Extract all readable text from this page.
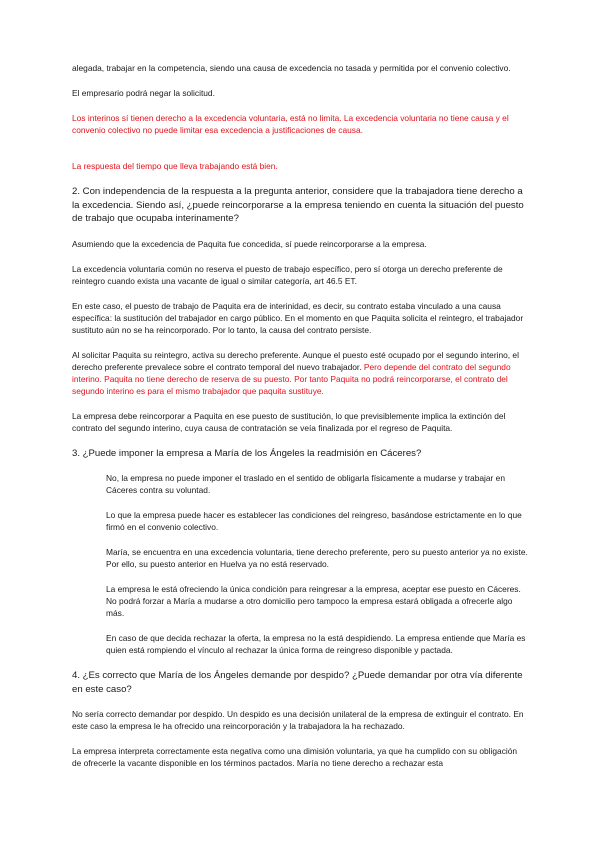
alegada, trabajar en la competencia, siendo una causa de excedencia no tasada y permitida por el convenio colectivo.

El empresario podrá negar la solicitud.

Los interinos sí tienen derecho a la excedencia voluntaria, está no limita. La excedencia voluntaria no tiene causa y el convenio colectivo no puede limitar esa excedencia a justificaciones de causa.

La respuesta del tiempo que lleva trabajando está bien.

2. Con independencia de la respuesta a la pregunta anterior, considere que la trabajadora tiene derecho a la excedencia. Siendo así, ¿puede reincorporarse a la empresa teniendo en cuenta la situación del puesto de trabajo que ocupaba interinamente?

Asumiendo que la excedencia de Paquita fue concedida, sí puede reincorporarse a la empresa.

La excedencia voluntaria común no reserva el puesto de trabajo específico, pero sí otorga un derecho preferente de reintegro cuando exista una vacante de igual o similar categoría, art 46.5 ET.

En este caso, el puesto de trabajo de Paquita era de interinidad, es decir, su contrato estaba vinculado a una causa específica: la sustitución del trabajador en cargo público. En el momento en que Paquita solicita el reintegro, el trabajador sustituto aún no se ha reincorporado. Por lo tanto, la causa del contrato persiste.

Al solicitar Paquita su reintegro, activa su derecho preferente. Aunque el puesto esté ocupado por el segundo interino, el derecho preferente prevalece sobre el contrato temporal del nuevo trabajador. Pero depende del contrato del segundo interino. Paquita no tiene derecho de reserva de su puesto. Por tanto Paquita no podrá reincorporarse, el contrato del segundo interino es para el mismo trabajador que paquita sustituye.

La empresa debe reincorporar a Paquita en ese puesto de sustitución, lo que previsiblemente implica la extinción del contrato del segundo interino, cuya causa de contratación se veía finalizada por el regreso de Paquita.

3. ¿Puede imponer la empresa a María de los Ángeles la readmisión en Cáceres?

No, la empresa no puede imponer el traslado en el sentido de obligarla físicamente a mudarse y trabajar en Cáceres contra su voluntad.

Lo que la empresa puede hacer es establecer las condiciones del reingreso, basándose estrictamente en lo que firmó en el convenio colectivo.

María, se encuentra en una excedencia voluntaria, tiene derecho preferente, pero su puesto anterior ya no existe. Por ello, su puesto anterior en Huelva ya no está reservado.

La empresa le está ofreciendo la única condición para reingresar a la empresa, aceptar ese puesto en Cáceres. No podrá forzar a María a mudarse a otro domicilio pero tampoco la empresa estará obligada a ofrecerle algo más.

En caso de que decida rechazar la oferta, la empresa no la está despidiendo. La empresa entiende que María es quien está rompiendo el vínculo al rechazar la única forma de reingreso disponible y pactada.

4. ¿Es correcto que María de los Ángeles demande por despido? ¿Puede demandar por otra vía diferente en este caso?

No sería correcto demandar por despido. Un despido es una decisión unilateral de la empresa de extinguir el contrato. En este caso la empresa le ha ofrecido una reincorporación y la trabajadora la ha rechazado.

La empresa interpreta correctamente esta negativa como una dimisión voluntaria, ya que ha cumplido con su obligación de ofrecerle la vacante disponible en los términos pactados. María no tiene derecho a rechazar esta
